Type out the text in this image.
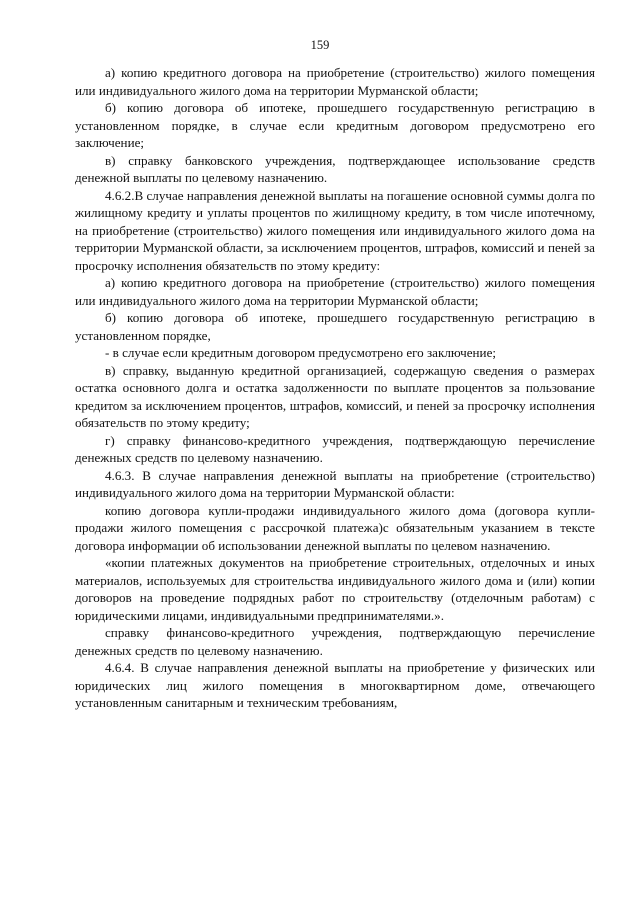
159

а) копию кредитного договора на приобретение (строительство) жилого помещения или индивидуального жилого дома на территории Мурманской области;

б) копию договора об ипотеке, прошедшего государственную регистрацию в установленном порядке, в случае если кредитным договором предусмотрено его заключение;

в) справку банковского учреждения, подтверждающее использование средств денежной выплаты по целевому назначению.

4.6.2.В случае направления денежной выплаты на погашение основной суммы долга по жилищному кредиту и уплаты процентов по жилищному кредиту, в том числе ипотечному, на приобретение (строительство) жилого помещения или индивидуального жилого дома на территории Мурманской области, за исключением процентов, штрафов, комиссий и пеней за просрочку исполнения обязательств по этому кредиту:

а) копию кредитного договора на приобретение (строительство) жилого помещения или индивидуального жилого дома на территории Мурманской области;

б) копию договора об ипотеке, прошедшего государственную регистрацию в установленном порядке,

- в случае если кредитным договором предусмотрено его заключение;

в) справку, выданную кредитной организацией, содержащую сведения о размерах остатка основного долга и остатка задолженности по выплате процентов за пользование кредитом за исключением процентов, штрафов, комиссий, и пеней за просрочку исполнения обязательств по этому кредиту;

г) справку финансово-кредитного учреждения, подтверждающую перечисление денежных средств по целевому назначению.

4.6.3. В случае направления денежной выплаты на приобретение (строительство) индивидуального жилого дома на территории Мурманской области:

копию договора купли-продажи индивидуального жилого дома (договора купли-продажи жилого помещения с рассрочкой платежа)с обязательным указанием в тексте договора информации об использовании денежной выплаты по целевом назначению.

«копии платежных документов на приобретение строительных, отделочных и иных материалов, используемых для строительства индивидуального жилого дома и (или) копии договоров на проведение подрядных работ по строительству (отделочным работам) с юридическими лицами, индивидуальными предпринимателями.».

справку финансово-кредитного учреждения, подтверждающую перечисление денежных средств по целевому назначению.

4.6.4. В случае направления денежной выплаты на приобретение у физических или юридических лиц жилого помещения в многоквартирном доме, отвечающего установленным санитарным и техническим требованиям,
